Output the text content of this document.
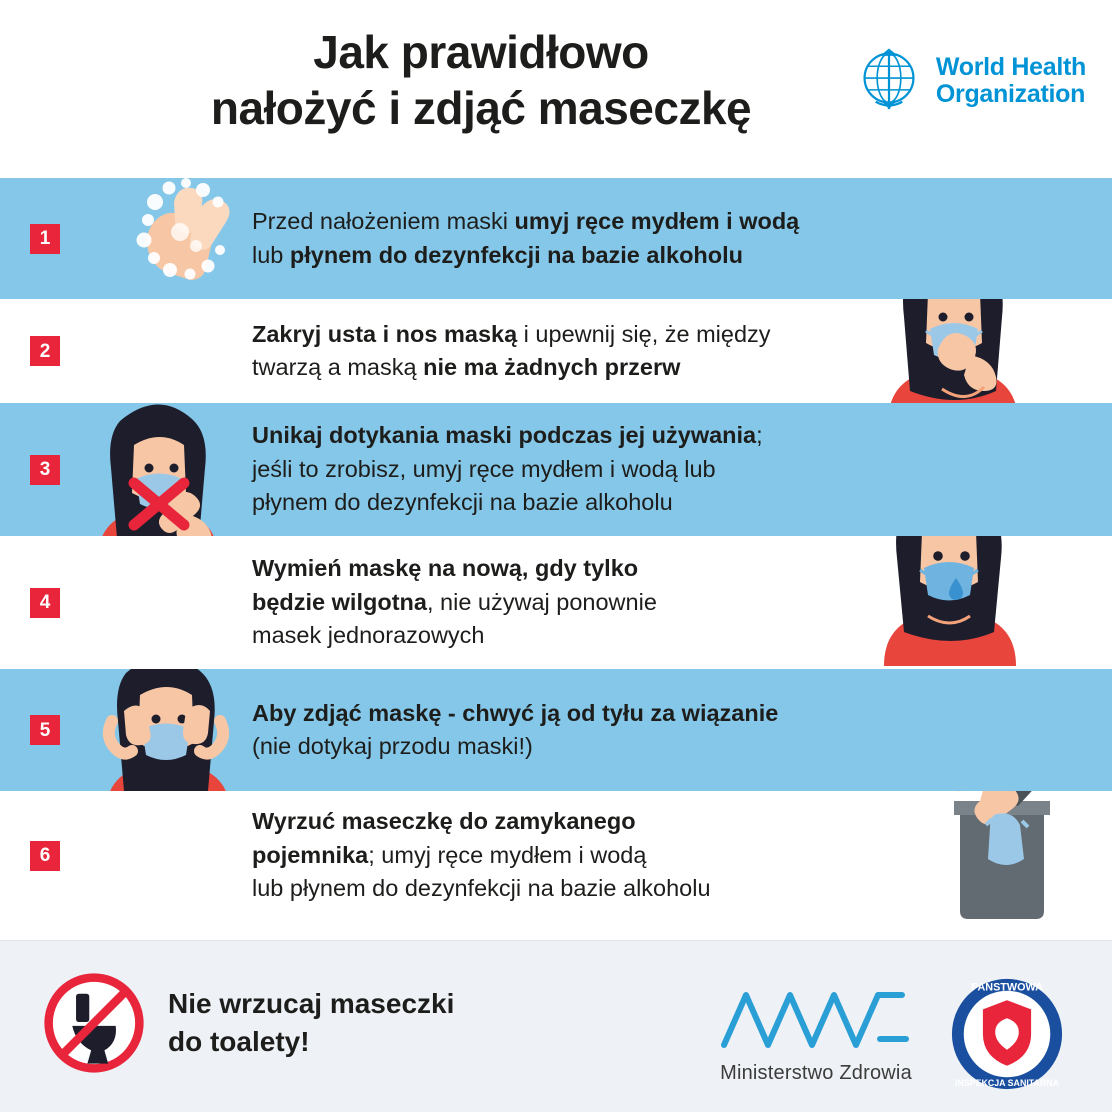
Jak prawidłowo
nałożyć i zdjąć maseczkę
World Health
Organization
1
Przed nałożeniem maski umyj ręce mydłem i wodą
lub płynem do dezynfekcji na bazie alkoholu
2
Zakryj usta i nos maską i upewnij się, że między
twarzą a maską nie ma żadnych przerw
3
Unikaj dotykania maski podczas jej używania;
jeśli to zrobisz, umyj ręce mydłem i wodą lub
płynem do dezynfekcji na bazie alkoholu
4
Wymień maskę na nową, gdy tylko
będzie wilgotna, nie używaj ponownie
masek jednorazowych
5
Aby zdjąć maskę - chwyć ją od tyłu za wiązanie
(nie dotykaj przodu maski!)
6
Wyrzuć maseczkę do zamykanego
pojemnika; umyj ręce mydłem i wodą
lub płynem do dezynfekcji na bazie alkoholu
Nie wrzucaj maseczki
do toalety!
Ministerstwo Zdrowia
PAŃSTWOWA
INSPEKCJA SANITARNA
